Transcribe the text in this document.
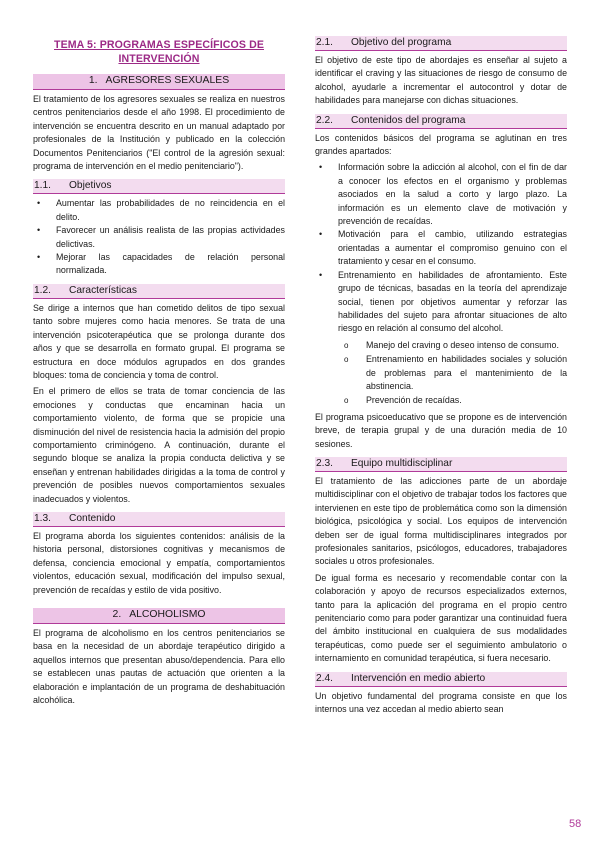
TEMA 5: PROGRAMAS ESPECÍFICOS DE INTERVENCIÓN
1. AGRESORES SEXUALES

El tratamiento de los agresores sexuales se realiza en nuestros centros penitenciarios desde el año 1998. El procedimiento de intervención se encuentra descrito en un manual adaptado por profesionales de la Institución y publicado en la colección Documentos Penitenciarios ("El control de la agresión sexual: programa de intervención en el medio penitenciario").

1.1. Objetivos
• Aumentar las probabilidades de no reincidencia en el delito.
• Favorecer un análisis realista de las propias actividades delictivas.
• Mejorar las capacidades de relación personal normalizada.
1.2. Características

Se dirige a internos que han cometido delitos de tipo sexual tanto sobre mujeres como hacia menores. Se trata de una intervención psicoterapéutica que se prolonga durante dos años y que se desarrolla en formato grupal. El programa se estructura en doce módulos agrupados en dos grandes bloques: toma de conciencia y toma de control.

En el primero de ellos se trata de tomar conciencia de las emociones y conductas que encaminan hacia un comportamiento violento, de forma que se propicie una disminución del nivel de resistencia hacia la admisión del propio comportamiento criminógeno. A continuación, durante el segundo bloque se analiza la propia conducta delictiva y se enseñan y entrenan habilidades dirigidas a la toma de control y prevención de posibles nuevos comportamientos sexuales inadecuados y violentos.

1.3. Contenido

El programa aborda los siguientes contenidos: análisis de la historia personal, distorsiones cognitivas y mecanismos de defensa, conciencia emocional y empatía, comportamientos violentos, educación sexual, modificación del impulso sexual, prevención de recaídas y estilo de vida positivo.

2. ALCOHOLISMO

El programa de alcoholismo en los centros penitenciarios se basa en la necesidad de un abordaje terapéutico dirigido a aquellos internos que presentan abuso/dependencia. Para ello se establecen unas pautas de actuación que orienten a la elaboración e implantación de un programa de deshabituación alcohólica.

2.1. Objetivo del programa

El objetivo de este tipo de abordajes es enseñar al sujeto a identificar el craving y las situaciones de riesgo de consumo de alcohol, ayudarle a incrementar el autocontrol y dotar de habilidades para manejarse con dichas situaciones.

2.2. Contenidos del programa

Los contenidos básicos del programa se aglutinan en tres grandes apartados:

• Información sobre la adicción al alcohol, con el fin de dar a conocer los efectos en el organismo y problemas asociados en la salud a corto y largo plazo. La información es un elemento clave de motivación y prevención de recaídas.
• Motivación para el cambio, utilizando estrategias orientadas a aumentar el compromiso genuino con el tratamiento y cesar en el consumo.
• Entrenamiento en habilidades de afrontamiento. Este grupo de técnicas, basadas en la teoría del aprendizaje social, tienen por objetivos aumentar y reforzar las habilidades del sujeto para afrontar situaciones de alto riesgo en relación al consumo del alcohol.
o Manejo del craving o deseo intenso de consumo.
o Entrenamiento en habilidades sociales y solución de problemas para el mantenimiento de la abstinencia.
o Prevención de recaídas.

El programa psicoeducativo que se propone es de intervención breve, de terapia grupal y de una duración media de 10 sesiones.

2.3. Equipo multidisciplinar

El tratamiento de las adicciones parte de un abordaje multidisciplinar con el objetivo de trabajar todos los factores que intervienen en este tipo de problemática como son la dimensión biológica, psicológica y social. Los equipos de intervención deben ser de igual forma multidisciplinares integrados por profesionales sanitarios, psicólogos, educadores, trabajadores sociales u otros profesionales.

De igual forma es necesario y recomendable contar con la colaboración y apoyo de recursos especializados externos, tanto para la aplicación del programa en el propio centro penitenciario como para poder garantizar una continuidad fuera del ámbito institucional en cualquiera de sus modalidades terapéuticas, como puede ser el seguimiento ambulatorio o internamiento en comunidad terapéutica, si fuera necesario.

2.4. Intervención en medio abierto

Un objetivo fundamental del programa consiste en que los internos una vez accedan al medio abierto sean

58
